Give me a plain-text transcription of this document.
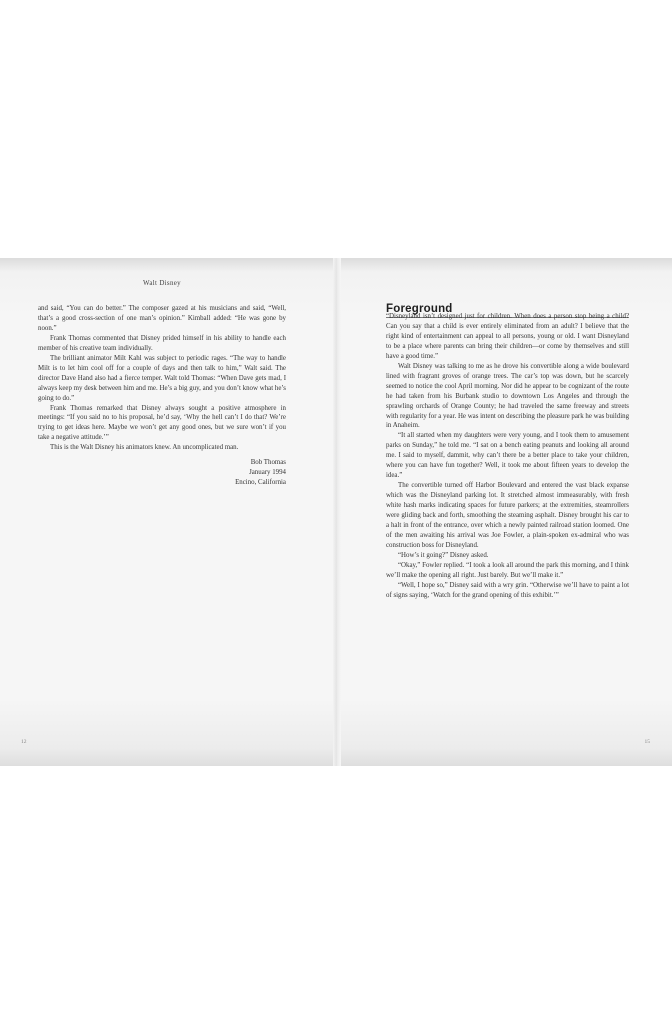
Walt Disney

and said, “You can do better.” The composer gazed at his musicians and said, “Well, that’s a good cross-section of one man’s opinion.” Kimball added: “He was gone by noon.”

Frank Thomas commented that Disney prided himself in his ability to handle each member of his creative team individually.

The brilliant animator Milt Kahl was subject to periodic rages. “The way to handle Milt is to let him cool off for a couple of days and then talk to him,” Walt said. The director Dave Hand also had a fierce temper. Walt told Thomas: “When Dave gets mad, I always keep my desk between him and me. He’s a big guy, and you don’t know what he’s going to do.”

Frank Thomas remarked that Disney always sought a positive atmosphere in meetings: “If you said no to his proposal, he’d say, ‘Why the hell can’t I do that? We’re trying to get ideas here. Maybe we won’t get any good ones, but we sure won’t if you take a negative attitude.’”

This is the Walt Disney his animators knew. An uncomplicated man.

Bob Thomas

January 1994

Encino, California

12
Foreground

“Disneyland isn’t designed just for children. When does a person stop being a child? Can you say that a child is ever entirely eliminated from an adult? I believe that the right kind of entertainment can appeal to all persons, young or old. I want Disneyland to be a place where parents can bring their children—or come by themselves and still have a good time.”

Walt Disney was talking to me as he drove his convertible along a wide boulevard lined with fragrant groves of orange trees. The car’s top was down, but he scarcely seemed to notice the cool April morning. Nor did he appear to be cognizant of the route he had taken from his Burbank studio to downtown Los Angeles and through the sprawling orchards of Orange County; he had traveled the same freeway and streets with regularity for a year. He was intent on describing the pleasure park he was building in Anaheim.

“It all started when my daughters were very young, and I took them to amusement parks on Sunday,” he told me. “I sat on a bench eating peanuts and looking all around me. I said to myself, dammit, why can’t there be a better place to take your children, where you can have fun together? Well, it took me about fifteen years to develop the idea.”

The convertible turned off Harbor Boulevard and entered the vast black expanse which was the Disneyland parking lot. It stretched almost immeasurably, with fresh white hash marks indicating spaces for future parkers; at the extremities, steamrollers were gliding back and forth, smoothing the steaming asphalt. Disney brought his car to a halt in front of the entrance, over which a newly painted railroad station loomed. One of the men awaiting his arrival was Joe Fowler, a plain-spoken ex-admiral who was construction boss for Disneyland.

“How’s it going?” Disney asked.

“Okay,” Fowler replied. “I took a look all around the park this morning, and I think we’ll make the opening all right. Just barely. But we’ll make it.”

“Well, I hope so,” Disney said with a wry grin. “Otherwise we’ll have to paint a lot of signs saying, ‘Watch for the grand opening of this exhibit.’”

15
